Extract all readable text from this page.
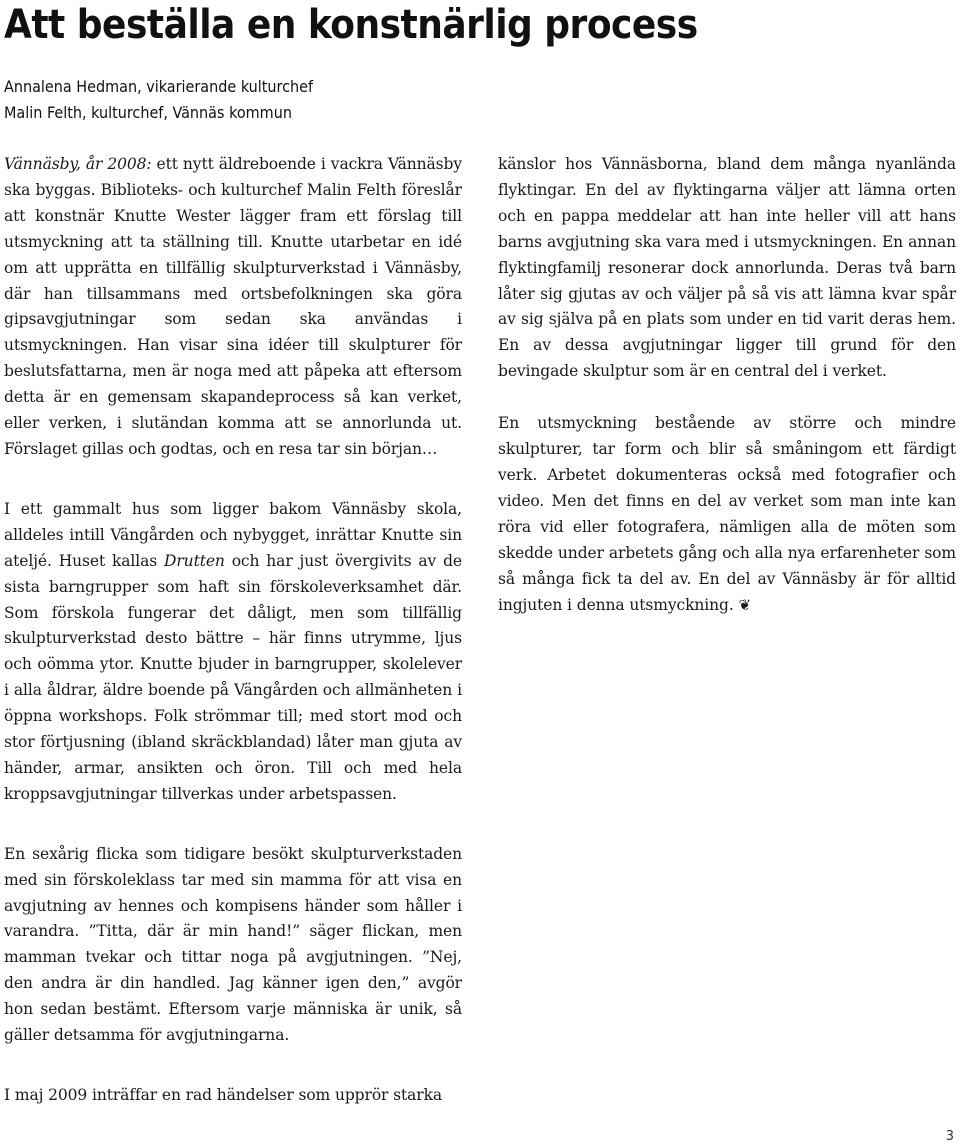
Att beställa en konstnärlig process
Annalena Hedman, vikarierande kulturchef
Malin Felth, kulturchef, Vännäs kommun

Vännäsby, år 2008: ett nytt äldreboende i vackra Vännäsby ska byggas. Biblioteks- och kulturchef Malin Felth föreslår att konstnär Knutte Wester lägger fram ett förslag till utsmyckning att ta ställning till. Knutte utarbetar en idé om att upprätta en tillfällig skulpturverkstad i Vännäsby, där han tillsammans med ortsbefolkningen ska göra gipsavgjutningar som sedan ska användas i utsmyckningen. Han visar sina idéer till skulpturer för beslutsfattarna, men är noga med att påpeka att eftersom detta är en gemensam skapandeprocess så kan verket, eller verken, i slutändan komma att se annorlunda ut. Förslaget gillas och godtas, och en resa tar sin början…

I ett gammalt hus som ligger bakom Vännäsby skola, alldeles intill Vängården och nybygget, inrättar Knutte sin ateljé. Huset kallas Drutten och har just övergivits av de sista barngrupper som haft sin förskoleverksamhet där. Som förskola fungerar det dåligt, men som tillfällig skulpturverkstad desto bättre – här finns utrymme, ljus och oömma ytor. Knutte bjuder in barngrupper, skolelever i alla åldrar, äldre boende på Vängården och allmänheten i öppna workshops. Folk strömmar till; med stort mod och stor förtjusning (ibland skräckblandad) låter man gjuta av händer, armar, ansikten och öron. Till och med hela kroppsavgjutningar tillverkas under arbetspassen.

En sexårig flicka som tidigare besökt skulpturverkstaden med sin förskoleklass tar med sin mamma för att visa en avgjutning av hennes och kompisens händer som håller i varandra. ”Titta, där är min hand!” säger flickan, men mamman tvekar och tittar noga på avgjutningen. ”Nej, den andra är din handled. Jag känner igen den,” avgör hon sedan bestämt. Eftersom varje människa är unik, så gäller detsamma för avgjutningarna.

I maj 2009 inträffar en rad händelser som upprör starka

känslor hos Vännäsborna, bland dem många nyanlända flyktingar. En del av flyktingarna väljer att lämna orten och en pappa meddelar att han inte heller vill att hans barns avgjutning ska vara med i utsmyckningen. En annan flyktingfamilj resonerar dock annorlunda. Deras två barn låter sig gjutas av och väljer på så vis att lämna kvar spår av sig själva på en plats som under en tid varit deras hem. En av dessa avgjutningar ligger till grund för den bevingade skulptur som är en central del i verket.

En utsmyckning bestående av större och mindre skulpturer, tar form och blir så småningom ett färdigt verk. Arbetet dokumenteras också med fotografier och video. Men det finns en del av verket som man inte kan röra vid eller fotografera, nämligen alla de möten som skedde under arbetets gång och alla nya erfarenheter som så många fick ta del av. En del av Vännäsby är för alltid ingjuten i denna utsmyckning. ❦

3
